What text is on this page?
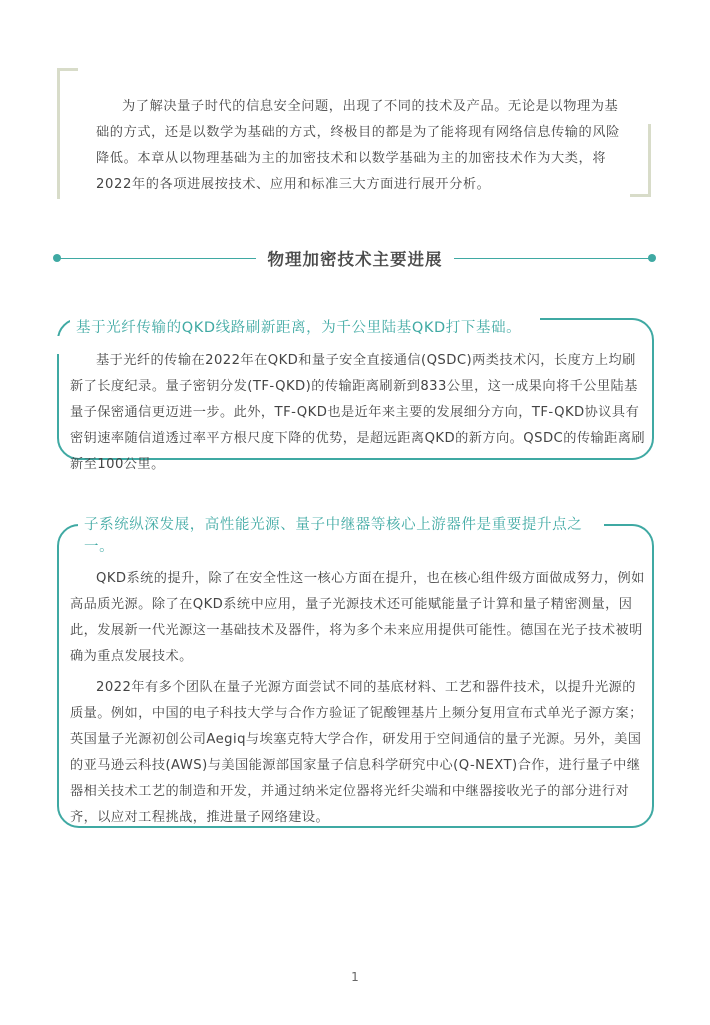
为了解决量子时代的信息安全问题，出现了不同的技术及产品。无论是以物理为基础的方式，还是以数学为基础的方式，终极目的都是为了能将现有网络信息传输的风险降低。本章从以物理基础为主的加密技术和以数学基础为主的加密技术作为大类，将2022年的各项进展按技术、应用和标准三大方面进行展开分析。

物理加密技术主要进展

基于光纤传输的QKD线路刷新距离，为千公里陆基QKD打下基础。

基于光纤的传输在2022年在QKD和量子安全直接通信(QSDC)两类技术闪，长度方上均刷新了长度纪录。量子密钥分发(TF-QKD)的传输距离刷新到833公里，这一成果向将千公里陆基量子保密通信更迈进一步。此外，TF-QKD也是近年来主要的发展细分方向，TF-QKD协议具有密钥速率随信道透过率平方根尺度下降的优势，是超远距离QKD的新方向。QSDC的传输距离刷新至100公里。

子系统纵深发展，高性能光源、量子中继器等核心上游器件是重要提升点之一。

QKD系统的提升，除了在安全性这一核心方面在提升，也在核心组件级方面做成努力，例如高品质光源。除了在QKD系统中应用，量子光源技术还可能赋能量子计算和量子精密测量，因此，发展新一代光源这一基础技术及器件，将为多个未来应用提供可能性。德国在光子技术被明确为重点发展技术。

2022年有多个团队在量子光源方面尝试不同的基底材料、工艺和器件技术，以提升光源的质量。例如，中国的电子科技大学与合作方验证了铌酸锂基片上频分复用宣布式单光子源方案；英国量子光源初创公司Aegiq与埃塞克特大学合作，研发用于空间通信的量子光源。另外，美国的亚马逊云科技(AWS)与美国能源部国家量子信息科学研究中心(Q-NEXT)合作，进行量子中继器相关技术工艺的制造和开发，并通过纳米定位器将光纤尖端和中继器接收光子的部分进行对齐，以应对工程挑战，推进量子网络建设。

1
